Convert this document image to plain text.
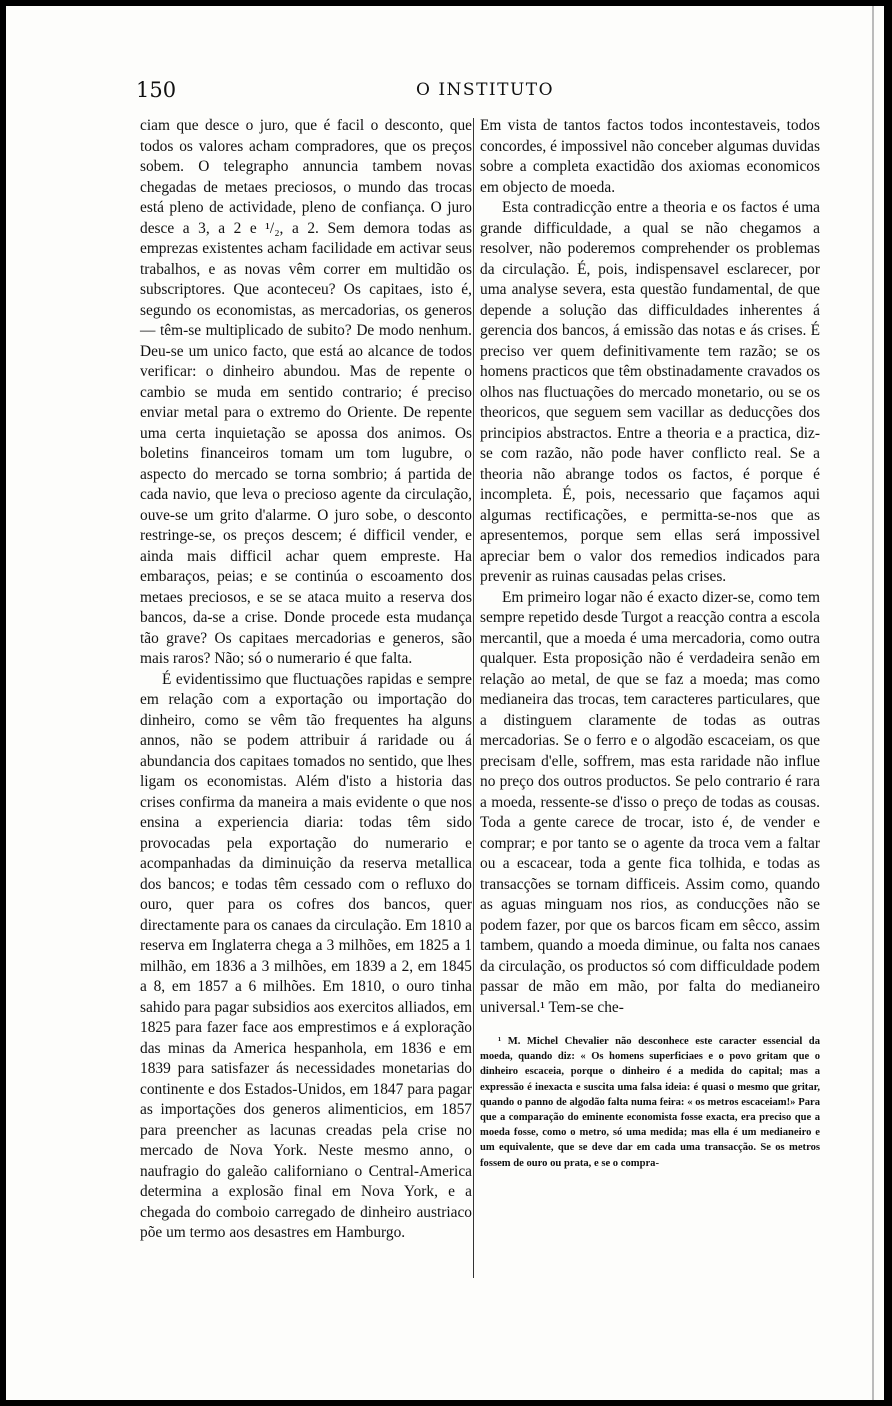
150	O INSTITUTO

ciam que desce o juro, que é facil o desconto, que todos os valores acham compradores, que os preços sobem. O telegrapho annuncia tambem novas chegadas de metaes preciosos, o mundo das trocas está pleno de actividade, pleno de confiança. O juro desce a 3, a 2 e ¹/₂, a 2. Sem demora todas as emprezas existentes acham facilidade em activar seus trabalhos, e as novas vêm correr em multidão os subscriptores. Que aconteceu? Os capitaes, isto é, segundo os economistas, as mercadorias, os generos — têm-se multiplicado de subito? De modo nenhum. Deu-se um unico facto, que está ao alcance de todos verificar: o dinheiro abundou. Mas de repente o cambio se muda em sentido contrario; é preciso enviar metal para o extremo do Oriente. De repente uma certa inquietação se apossa dos animos. Os boletins financeiros tomam um tom lugubre, o aspecto do mercado se torna sombrio; á partida de cada navio, que leva o precioso agente da circulação, ouve-se um grito d'alarme. O juro sobe, o desconto restringe-se, os preços descem; é difficil vender, e ainda mais difficil achar quem empreste. Ha embaraços, peias; e se continúa o escoamento dos metaes preciosos, e se se ataca muito a reserva dos bancos, da-se a crise. Donde procede esta mudança tão grave? Os capitaes mercadorias e generos, são mais raros? Não; só o numerario é que falta.

É evidentissimo que fluctuações rapidas e sempre em relação com a exportação ou importação do dinheiro, como se vêm tão frequentes ha alguns annos, não se podem attribuir á raridade ou á abundancia dos capitaes tomados no sentido, que lhes ligam os economistas. Além d'isto a historia das crises confirma da maneira a mais evidente o que nos ensina a experiencia diaria: todas têm sido provocadas pela exportação do numerario e acompanhadas da diminuição da reserva metallica dos bancos; e todas têm cessado com o refluxo do ouro, quer para os cofres dos bancos, quer directamente para os canaes da circulação. Em 1810 a reserva em Inglaterra chega a 3 milhões, em 1825 a 1 milhão, em 1836 a 3 milhões, em 1839 a 2, em 1845 a 8, em 1857 a 6 milhões. Em 1810, o ouro tinha sahido para pagar subsidios aos exercitos alliados, em 1825 para fazer face aos emprestimos e á exploração das minas da America hespanhola, em 1836 e em 1839 para satisfazer ás necessidades monetarias do continente e dos Estados-Unidos, em 1847 para pagar as importações dos generos alimenticios, em 1857 para preencher as lacunas creadas pela crise no mercado de Nova York. Neste mesmo anno, o naufragio do galeão californiano o Central-America determina a explosão final em Nova York, e a chegada do comboio carregado de dinheiro austriaco põe um termo aos desastres em Hamburgo.

Em vista de tantos factos todos incontestaveis, todos concordes, é impossivel não conceber algumas duvidas sobre a completa exactidão dos axiomas economicos em objecto de moeda.

Esta contradicção entre a theoria e os factos é uma grande difficuldade, a qual se não chegamos a resolver, não poderemos comprehender os problemas da circulação. É, pois, indispensavel esclarecer, por uma analyse severa, esta questão fundamental, de que depende a solução das difficuldades inherentes á gerencia dos bancos, á emissão das notas e ás crises. É preciso ver quem definitivamente tem razão; se os homens practicos que têm obstinadamente cravados os olhos nas fluctuações do mercado monetario, ou se os theoricos, que seguem sem vacillar as deducções dos principios abstractos. Entre a theoria e a practica, diz-se com razão, não pode haver conflicto real. Se a theoria não abrange todos os factos, é porque é incompleta. É, pois, necessario que façamos aqui algumas rectificações, e permitta-se-nos que as apresentemos, porque sem ellas será impossivel apreciar bem o valor dos remedios indicados para prevenir as ruinas causadas pelas crises.

Em primeiro logar não é exacto dizer-se, como tem sempre repetido desde Turgot a reacção contra a escola mercantil, que a moeda é uma mercadoria, como outra qualquer. Esta proposição não é verdadeira senão em relação ao metal, de que se faz a moeda; mas como medianeira das trocas, tem caracteres particulares, que a distinguem claramente de todas as outras mercadorias. Se o ferro e o algodão escaceiam, os que precisam d'elle, soffrem, mas esta raridade não influe no preço dos outros productos. Se pelo contrario é rara a moeda, ressente-se d'isso o preço de todas as cousas. Toda a gente carece de trocar, isto é, de vender e comprar; e por tanto se o agente da troca vem a faltar ou a escacear, toda a gente fica tolhida, e todas as transacções se tornam difficeis. Assim como, quando as aguas minguam nos rios, as conducções não se podem fazer, por que os barcos ficam em sêcco, assim tambem, quando a moeda diminue, ou falta nos canaes da circulação, os productos só com difficuldade podem passar de mão em mão, por falta do medianeiro universal.¹ Tem-se che-

¹ M. Michel Chevalier não desconhece este caracter essencial da moeda, quando diz: « Os homens superficiaes e o povo gritam que o dinheiro escaceia, porque o dinheiro é a medida do capital; mas a expressão é inexacta e suscita uma falsa ideia: é quasi o mesmo que gritar, quando o panno de algodão falta numa feira: « os metros escaceiam!» Para que a comparação do eminente economista fosse exacta, era preciso que a moeda fosse, como o metro, só uma medida; mas ella é um medianeiro e um equivalente, que se deve dar em cada uma transacção. Se os metros fossem de ouro ou prata, e se o compra-
